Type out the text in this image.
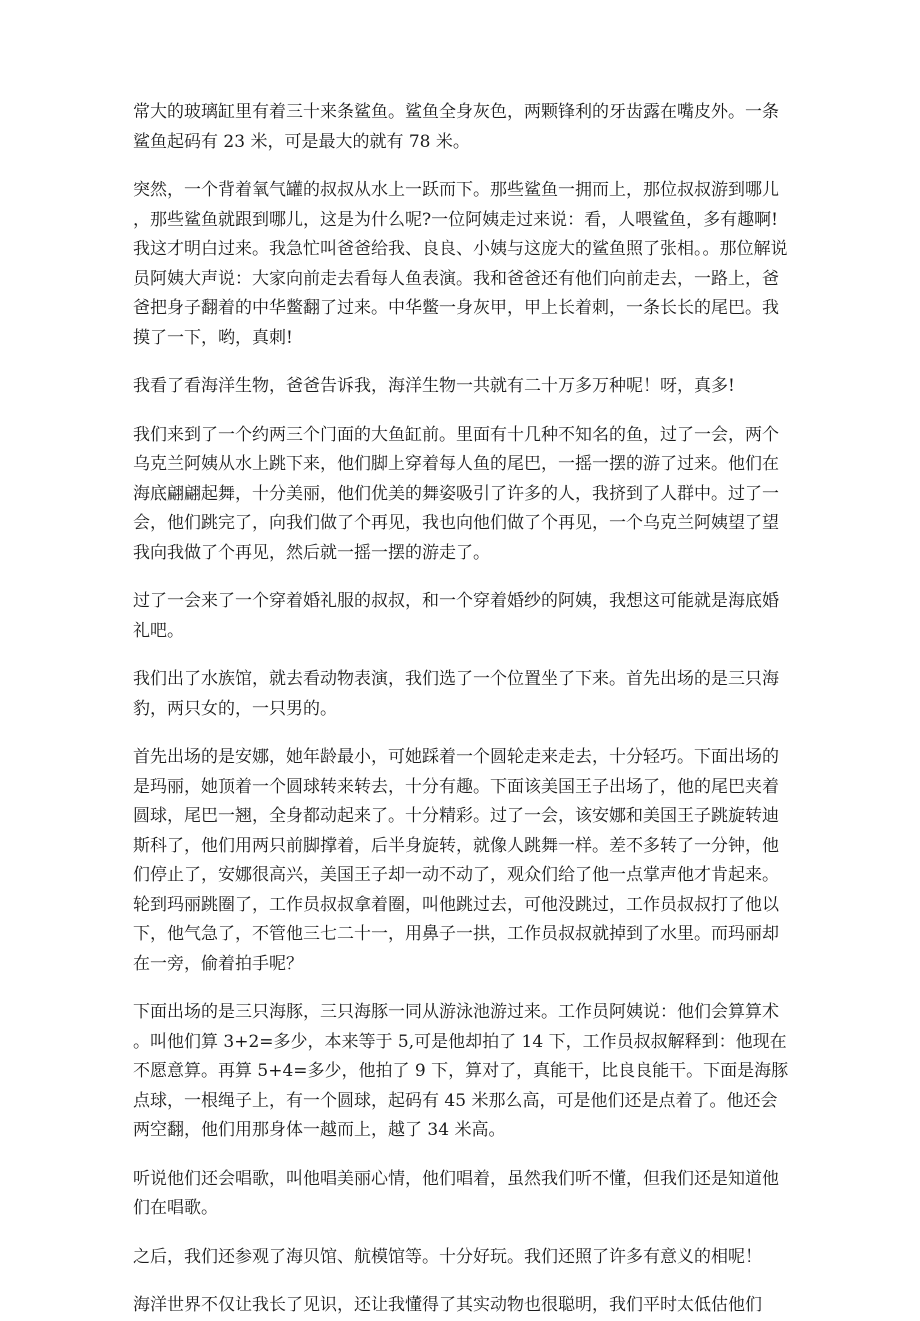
常大的玻璃缸里有着三十来条鲨鱼。鲨鱼全身灰色，两颗锋利的牙齿露在嘴皮外。一条鲨鱼起码有 23 米，可是最大的就有 78 米。

突然，一个背着氧气罐的叔叔从水上一跃而下。那些鲨鱼一拥而上，那位叔叔游到哪儿，那些鲨鱼就跟到哪儿，这是为什么呢?一位阿姨走过来说：看，人喂鲨鱼，多有趣啊!我这才明白过来。我急忙叫爸爸给我、良良、小姨与这庞大的鲨鱼照了张相。。那位解说员阿姨大声说：大家向前走去看每人鱼表演。我和爸爸还有他们向前走去，一路上，爸爸把身子翻着的中华鳖翻了过来。中华鳖一身灰甲，甲上长着刺，一条长长的尾巴。我摸了一下，哟，真刺!

我看了看海洋生物，爸爸告诉我，海洋生物一共就有二十万多万种呢！呀，真多!

我们来到了一个约两三个门面的大鱼缸前。里面有十几种不知名的鱼，过了一会，两个乌克兰阿姨从水上跳下来，他们脚上穿着每人鱼的尾巴，一摇一摆的游了过来。他们在海底翩翩起舞，十分美丽，他们优美的舞姿吸引了许多的人，我挤到了人群中。过了一会，他们跳完了，向我们做了个再见，我也向他们做了个再见，一个乌克兰阿姨望了望我向我做了个再见，然后就一摇一摆的游走了。

过了一会来了一个穿着婚礼服的叔叔，和一个穿着婚纱的阿姨，我想这可能就是海底婚礼吧。

我们出了水族馆，就去看动物表演，我们选了一个位置坐了下来。首先出场的是三只海豹，两只女的，一只男的。

首先出场的是安娜，她年龄最小，可她踩着一个圆轮走来走去，十分轻巧。下面出场的是玛丽，她顶着一个圆球转来转去，十分有趣。下面该美国王子出场了，他的尾巴夹着圆球，尾巴一翘，全身都动起来了。十分精彩。过了一会，该安娜和美国王子跳旋转迪斯科了，他们用两只前脚撑着，后半身旋转，就像人跳舞一样。差不多转了一分钟，他们停止了，安娜很高兴，美国王子却一动不动了，观众们给了他一点掌声他才肯起来。轮到玛丽跳圈了，工作员叔叔拿着圈，叫他跳过去，可他没跳过，工作员叔叔打了他以下，他气急了，不管他三七二十一，用鼻子一拱，工作员叔叔就掉到了水里。而玛丽却在一旁，偷着拍手呢？

下面出场的是三只海豚，三只海豚一同从游泳池游过来。工作员阿姨说：他们会算算术。叫他们算 3+2=多少，本来等于 5,可是他却拍了 14 下，工作员叔叔解释到：他现在不愿意算。再算 5+4=多少，他拍了 9 下，算对了，真能干，比良良能干。下面是海豚点球，一根绳子上，有一个圆球，起码有 45 米那么高，可是他们还是点着了。他还会两空翻，他们用那身体一越而上，越了 34 米高。

听说他们还会唱歌，叫他唱美丽心情，他们唱着，虽然我们听不懂，但我们还是知道他们在唱歌。

之后，我们还参观了海贝馆、航模馆等。十分好玩。我们还照了许多有意义的相呢！

海洋世界不仅让我长了见识，还让我懂得了其实动物也很聪明，我们平时太低估他们
